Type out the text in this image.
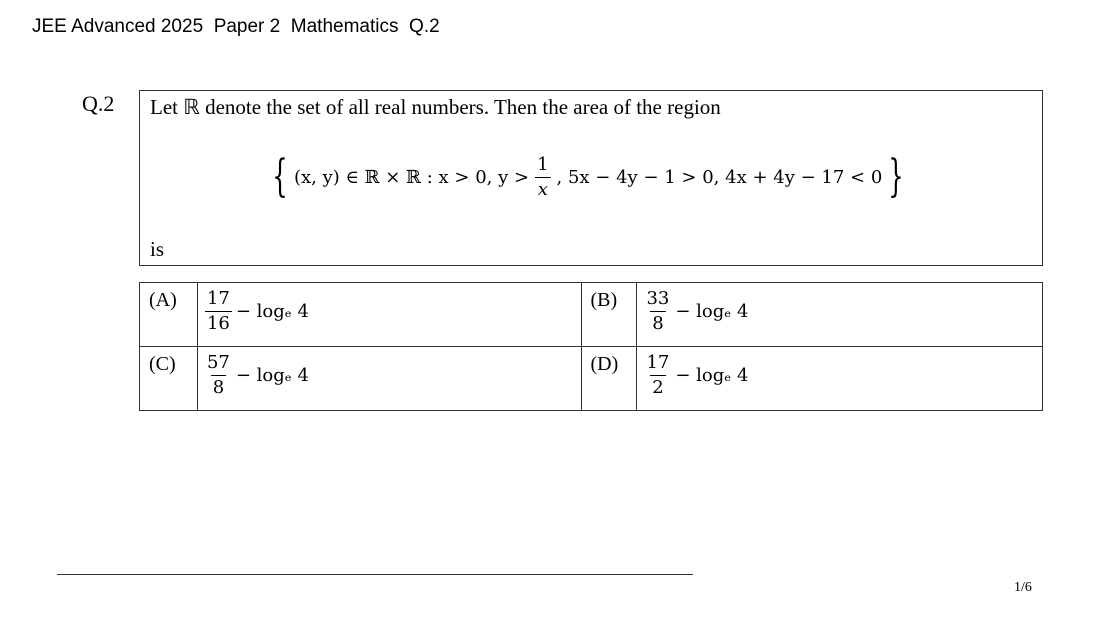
JEE Advanced 2025  Paper 2  Mathematics  Q.2
Q.2 Let ℝ denote the set of all real numbers. Then the area of the region
{ (x, y) ∈ ℝ × ℝ : x > 0, $y > \frac{1}{x}$ , 5x − 4y − 1 > 0, 4x + 4y − 17 < 0 }
is
(A)	$\frac{17}{16} - \log_e$ 4	(B)	$\frac{33}{8} - \log_e$ 4

(C)	$\frac{57}{8} - \log_e$ 4	(D)	$\frac{17}{2} - \log_e$ 4
1/6
